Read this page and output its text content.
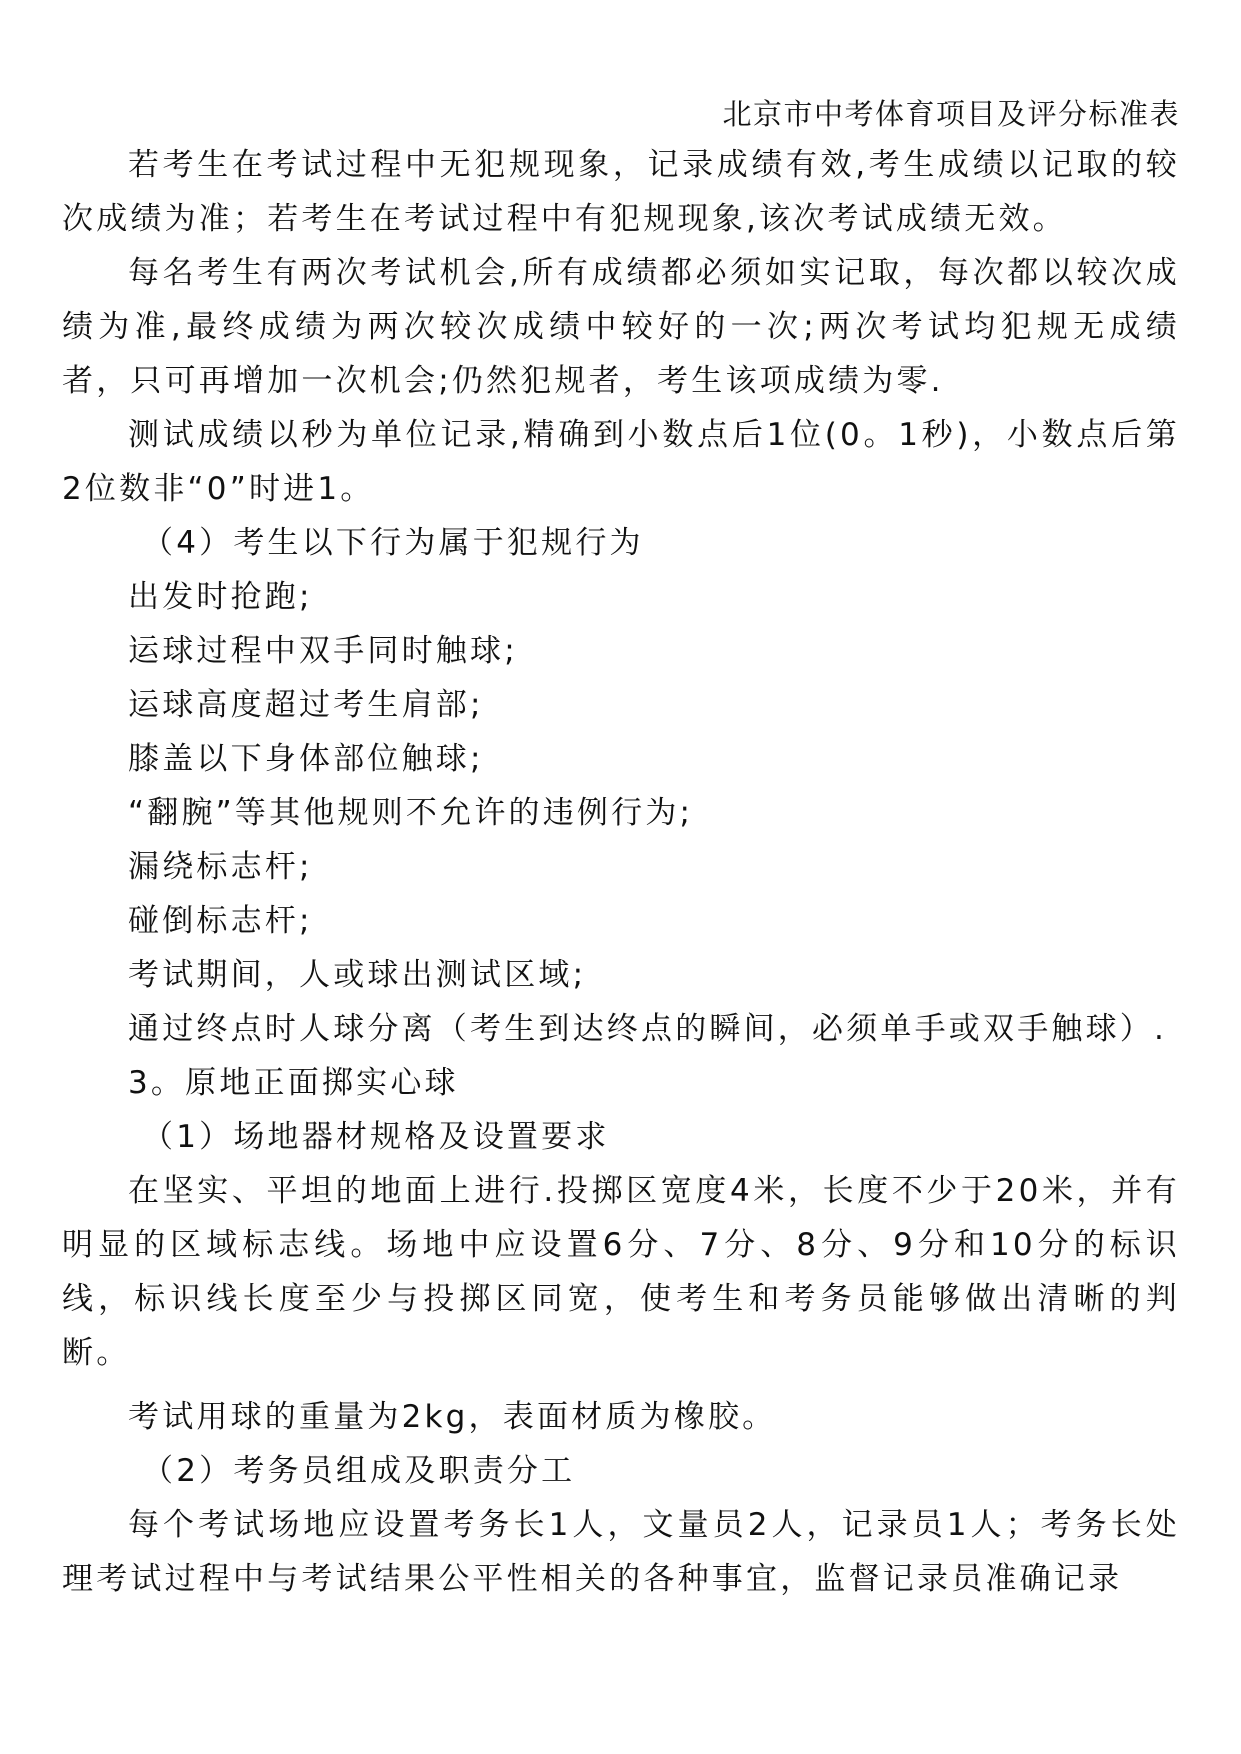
北京市中考体育项目及评分标准表

若考生在考试过程中无犯规现象，记录成绩有效,考生成绩以记取的较次成绩为准；若考生在考试过程中有犯规现象,该次考试成绩无效。

每名考生有两次考试机会,所有成绩都必须如实记取，每次都以较次成绩为准,最终成绩为两次较次成绩中较好的一次;两次考试均犯规无成绩者，只可再增加一次机会;仍然犯规者，考生该项成绩为零.

测试成绩以秒为单位记录,精确到小数点后1位(0。1秒)，小数点后第2位数非“0”时进1。

（4）考生以下行为属于犯规行为

出发时抢跑;

运球过程中双手同时触球;

运球高度超过考生肩部;

膝盖以下身体部位触球;

“翻腕”等其他规则不允许的违例行为;

漏绕标志杆;

碰倒标志杆;

考试期间，人或球出测试区域;

通过终点时人球分离（考生到达终点的瞬间，必须单手或双手触球）.

3。原地正面掷实心球

（1）场地器材规格及设置要求

在坚实、平坦的地面上进行.投掷区宽度4米，长度不少于20米，并有明显的区域标志线。场地中应设置6分、7分、8分、9分和10分的标识线，标识线长度至少与投掷区同宽，使考生和考务员能够做出清晰的判断。

考试用球的重量为2kg，表面材质为橡胶。

（2）考务员组成及职责分工

每个考试场地应设置考务长1人，文量员2人，记录员1人；考务长处理考试过程中与考试结果公平性相关的各种事宜，监督记录员准确记录
